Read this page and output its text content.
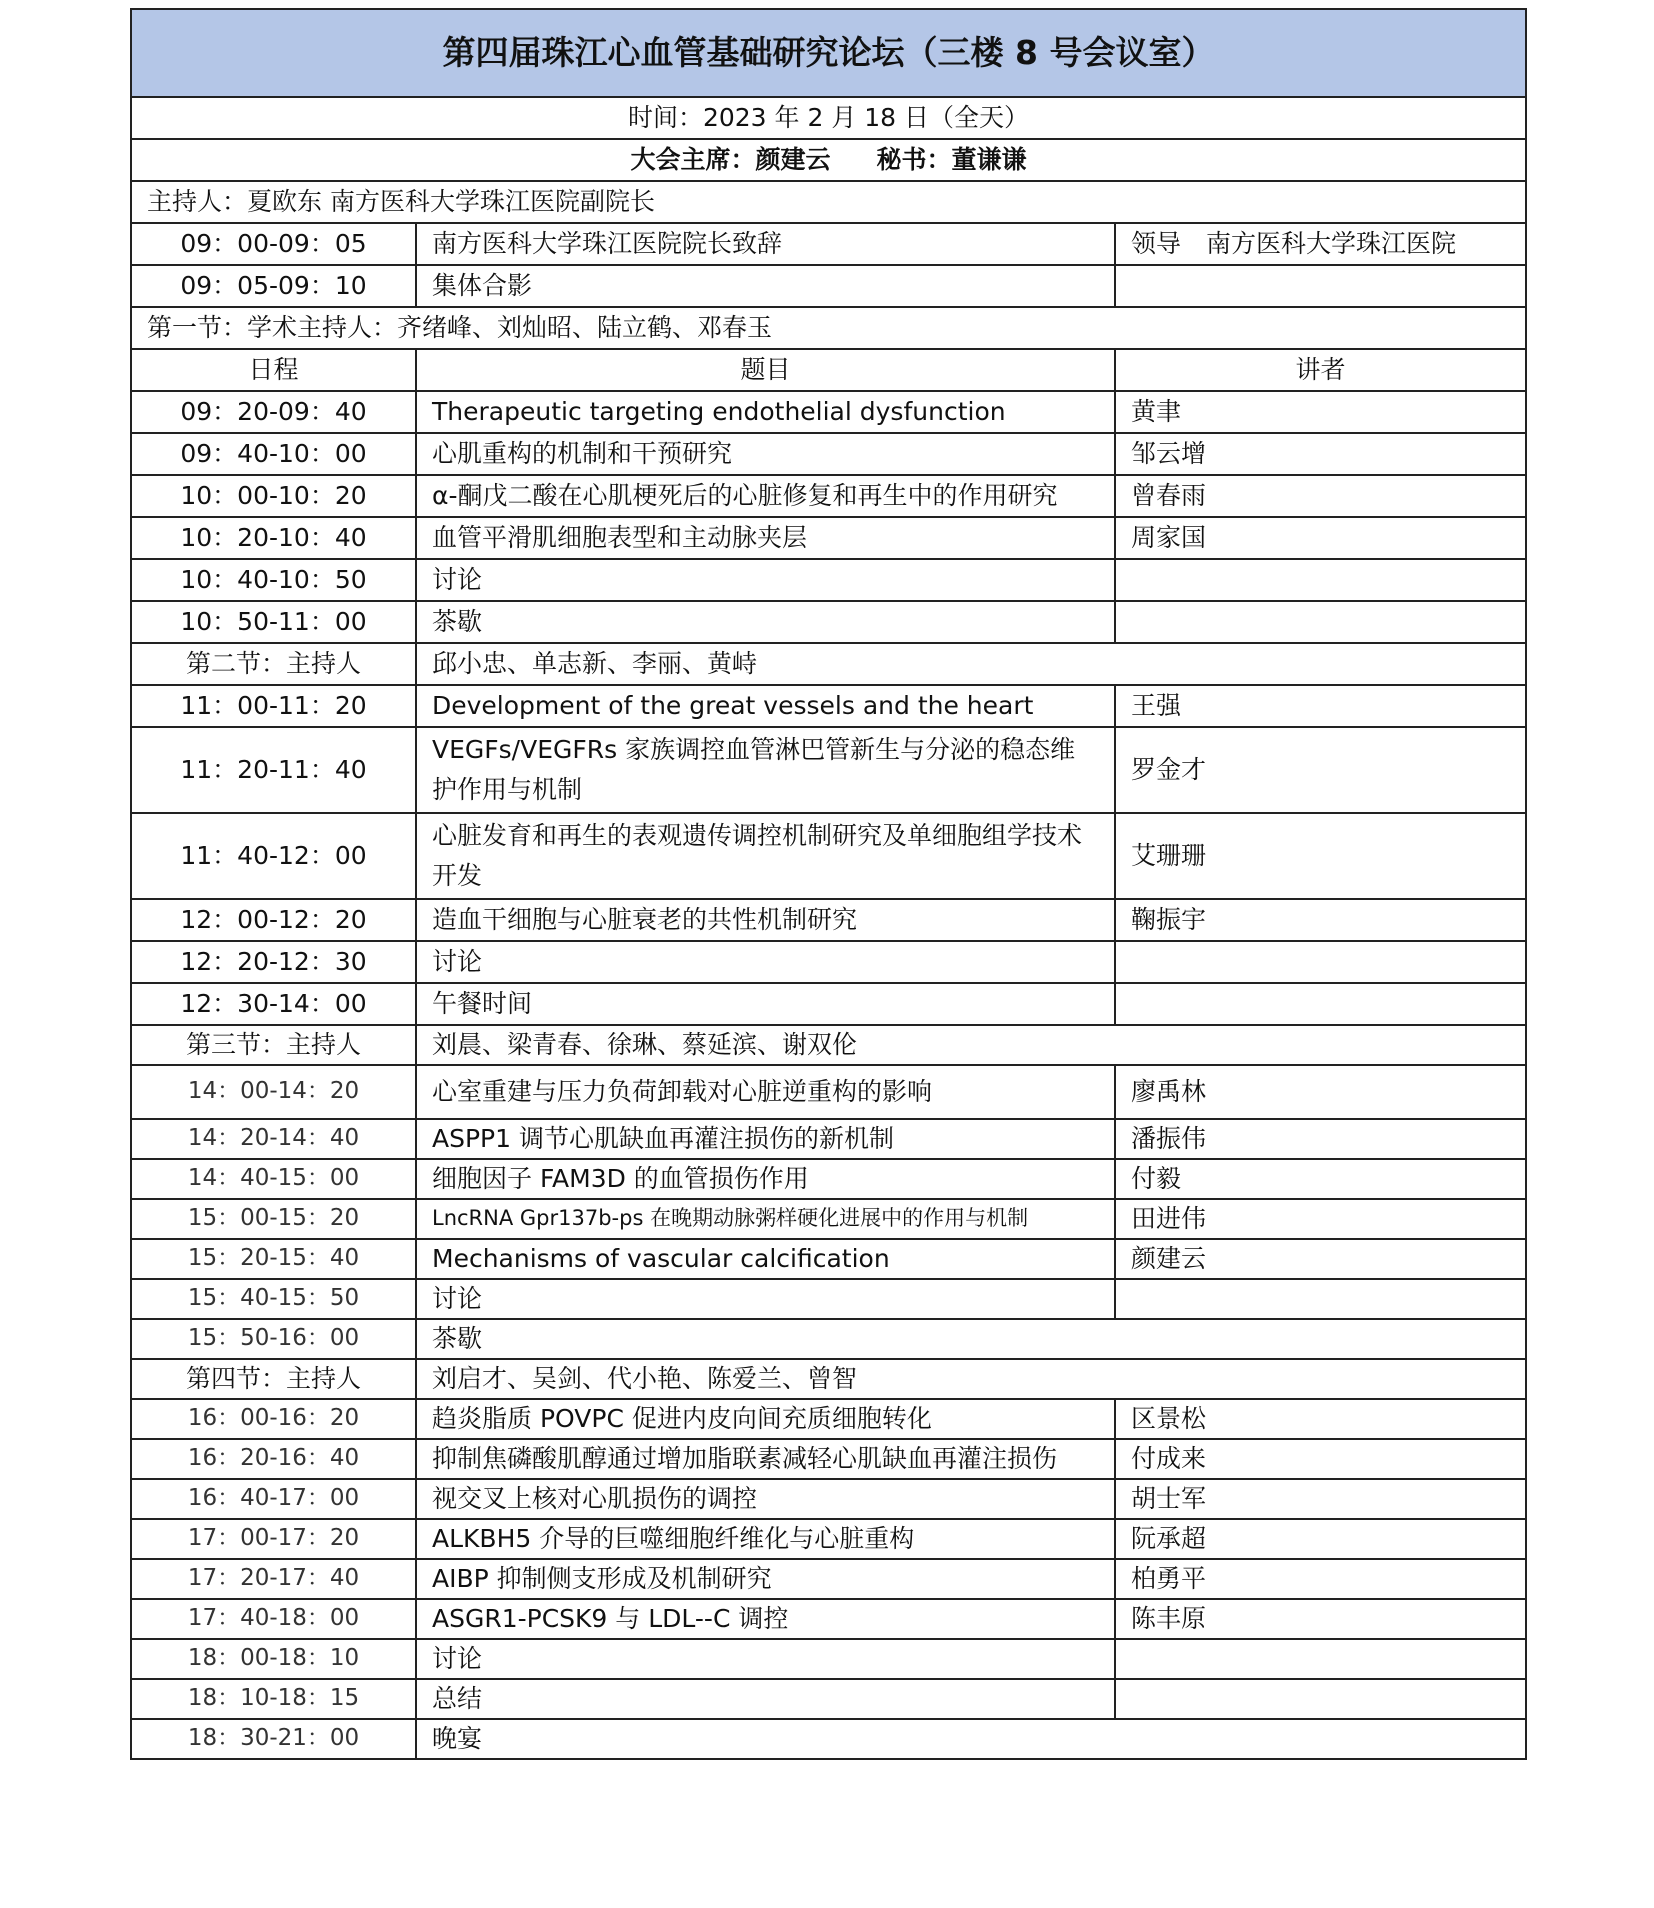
第四届珠江心血管基础研究论坛（三楼 8 号会议室）		
时间：2023 年 2 月 18 日（全天）		
大会主席：颜建云 秘书：董谦谦		
主持人：夏欧东 南方医科大学珠江医院副院长		
09：00-09：05	南方医科大学珠江医院院长致辞	领导　南方医科大学珠江医院
09：05-09：10	集体合影	
第一节：学术主持人：齐绪峰、刘灿昭、陆立鹤、邓春玉		
日程	题目	讲者
09：20-09：40	Therapeutic targeting endothelial dysfunction	黄聿
09：40-10：00	心肌重构的机制和干预研究	邹云增
10：00-10：20	α-酮戊二酸在心肌梗死后的心脏修复和再生中的作用研究	曾春雨
10：20-10：40	血管平滑肌细胞表型和主动脉夹层	周家国
10：40-10：50	讨论	
10：50-11：00	茶歇	
第二节：主持人	邱小忠、单志新、李丽、黄峙	
11：00-11：20	Development of the great vessels and the heart	王强
11：20-11：40	VEGFs/VEGFRs 家族调控血管淋巴管新生与分泌的稳态维护作用与机制	罗金才
11：40-12：00	心脏发育和再生的表观遗传调控机制研究及单细胞组学技术开发	艾珊珊
12：00-12：20	造血干细胞与心脏衰老的共性机制研究	鞠振宇
12：20-12：30	讨论	
12：30-14：00	午餐时间	
第三节：主持人	刘晨、梁青春、徐琳、蔡延滨、谢双伦	
14：00-14：20	心室重建与压力负荷卸载对心脏逆重构的影响	廖禹林
14：20-14：40	ASPP1 调节心肌缺血再灌注损伤的新机制	潘振伟
14：40-15：00	细胞因子 FAM3D 的血管损伤作用	付毅
15：00-15：20	LncRNA Gpr137b-ps 在晚期动脉粥样硬化进展中的作用与机制	田进伟
15：20-15：40	Mechanisms of vascular calcification	颜建云
15：40-15：50	讨论	
15：50-16：00	茶歇	
第四节：主持人	刘启才、吴剑、代小艳、陈爱兰、曾智	
16：00-16：20	趋炎脂质 POVPC 促进内皮向间充质细胞转化	区景松
16：20-16：40	抑制焦磷酸肌醇通过增加脂联素减轻心肌缺血再灌注损伤	付成来
16：40-17：00	视交叉上核对心肌损伤的调控	胡士军
17：00-17：20	ALKBH5 介导的巨噬细胞纤维化与心脏重构	阮承超
17：20-17：40	AIBP 抑制侧支形成及机制研究	柏勇平
17：40-18：00	ASGR1-PCSK9 与 LDL--C 调控	陈丰原
18：00-18：10	讨论	
18：10-18：15	总结	
18：30-21：00	晚宴	
